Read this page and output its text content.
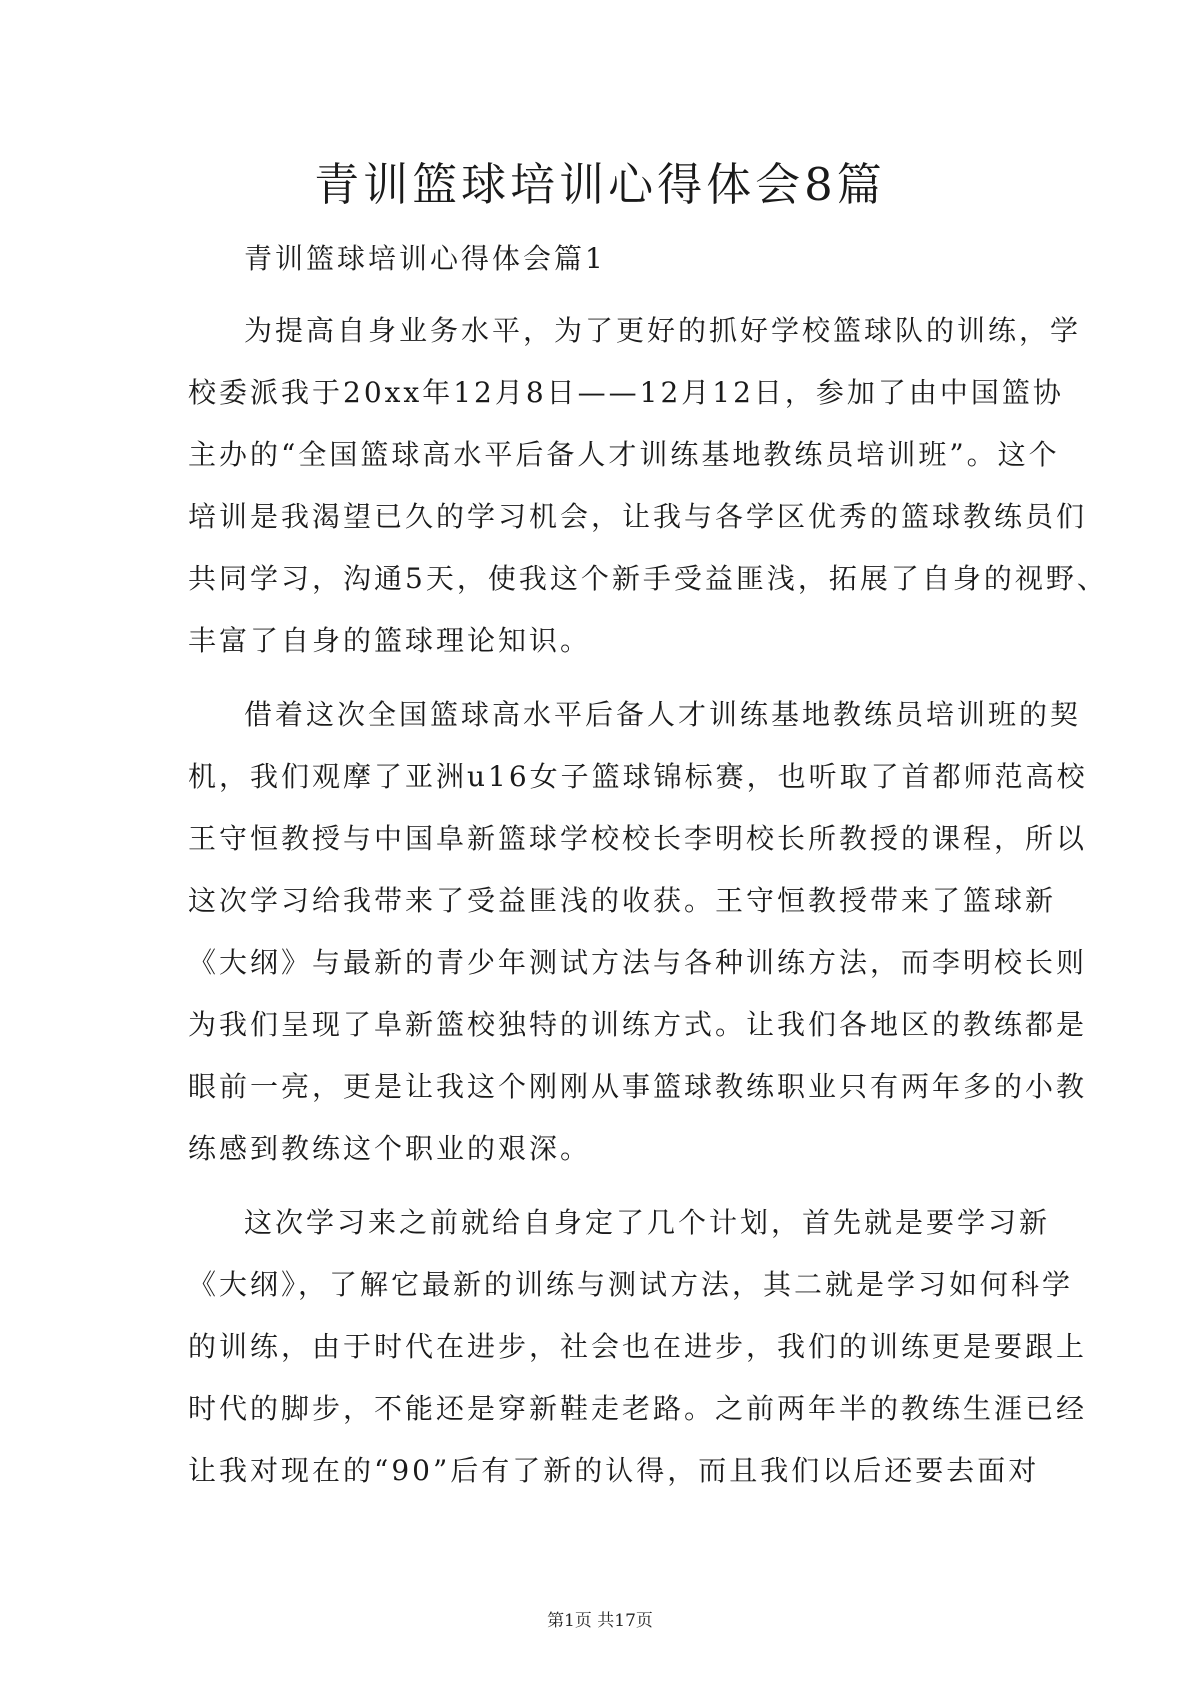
青训篮球培训心得体会8篇
青训篮球培训心得体会篇1
为提高自身业务水平，为了更好的抓好学校篮球队的训练，学
校委派我于20xx年12月8日——12月12日，参加了由中国篮协
主办的“全国篮球高水平后备人才训练基地教练员培训班”。这个
培训是我渴望已久的学习机会，让我与各学区优秀的篮球教练员们
共同学习，沟通5天，使我这个新手受益匪浅，拓展了自身的视野、
丰富了自身的篮球理论知识。
借着这次全国篮球高水平后备人才训练基地教练员培训班的契
机，我们观摩了亚洲u16女子篮球锦标赛，也听取了首都师范高校
王守恒教授与中国阜新篮球学校校长李明校长所教授的课程，所以
这次学习给我带来了受益匪浅的收获。王守恒教授带来了篮球新
《大纲》与最新的青少年测试方法与各种训练方法，而李明校长则
为我们呈现了阜新篮校独特的训练方式。让我们各地区的教练都是
眼前一亮，更是让我这个刚刚从事篮球教练职业只有两年多的小教
练感到教练这个职业的艰深。
这次学习来之前就给自身定了几个计划，首先就是要学习新
《大纲》，了解它最新的训练与测试方法，其二就是学习如何科学
的训练，由于时代在进步，社会也在进步，我们的训练更是要跟上
时代的脚步，不能还是穿新鞋走老路。之前两年半的教练生涯已经
让我对现在的“90”后有了新的认得，而且我们以后还要去面对
第1页 共17页
